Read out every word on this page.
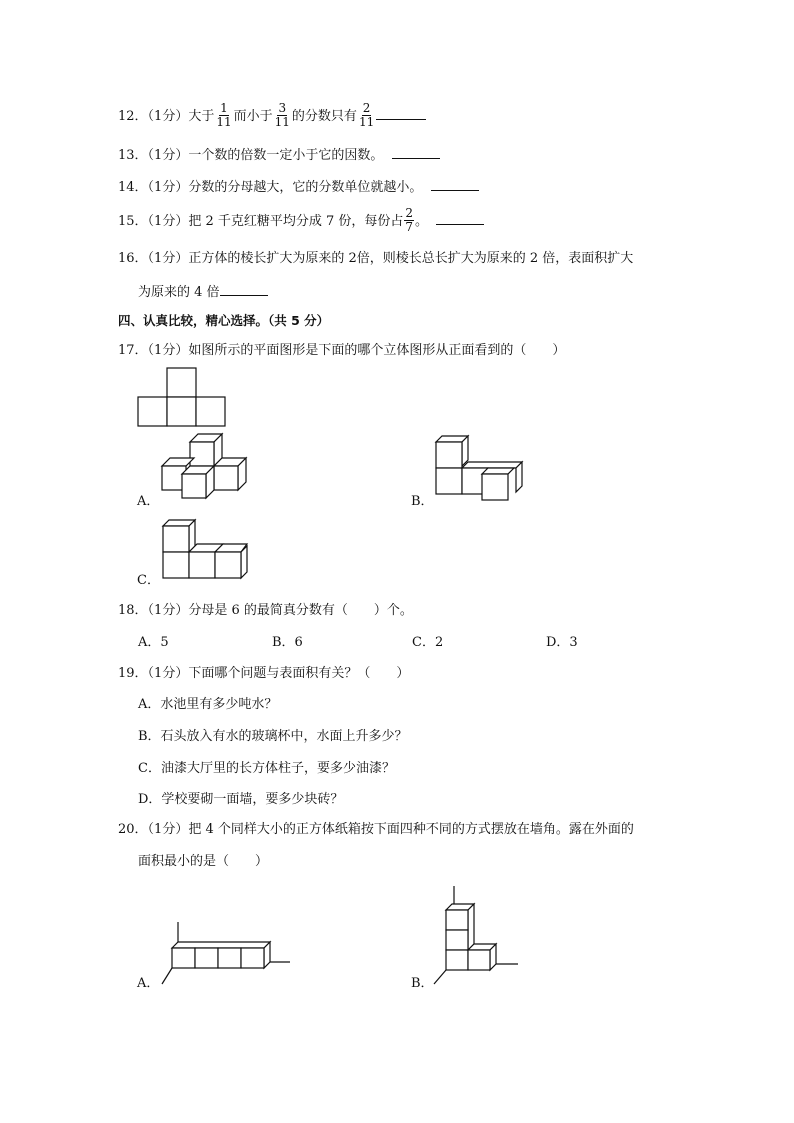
12．（1分）大于 $\frac{1}{11}$ 而小于 $\frac{3}{11}$ 的分数只有 $\frac{2}{11}$
13．（1分）一个数的倍数一定小于它的因数。
14．（1分）分数的分母越大，它的分数单位就越小。
15．（1分）把 2 千克红糖平均分成 7 份，每份占 $\frac{2}{7}$ 。
16．（1分）正方体的棱长扩大为原来的 2倍，则棱长总长扩大为原来的 2 倍，表面积扩大
为原来的 4 倍
四、认真比较，精心选择。（共 5 分）
17．（1分）如图所示的平面图形是下面的哪个立体图形从正面看到的（　　）
A．	B．
C．
18．（1分）分母是 6 的最简真分数有（　　）个。
A．5	B．6	C．2	D．3
19．（1分）下面哪个问题与表面积有关？（　　）
A．水池里有多少吨水？
B．石头放入有水的玻璃杯中，水面上升多少？
C．油漆大厅里的长方体柱子，要多少油漆？
D．学校要砌一面墙，要多少块砖？
20．（1分）把 4 个同样大小的正方体纸箱按下面四种不同的方式摆放在墙角。露在外面的
面积最小的是（　　）
A．	B．
